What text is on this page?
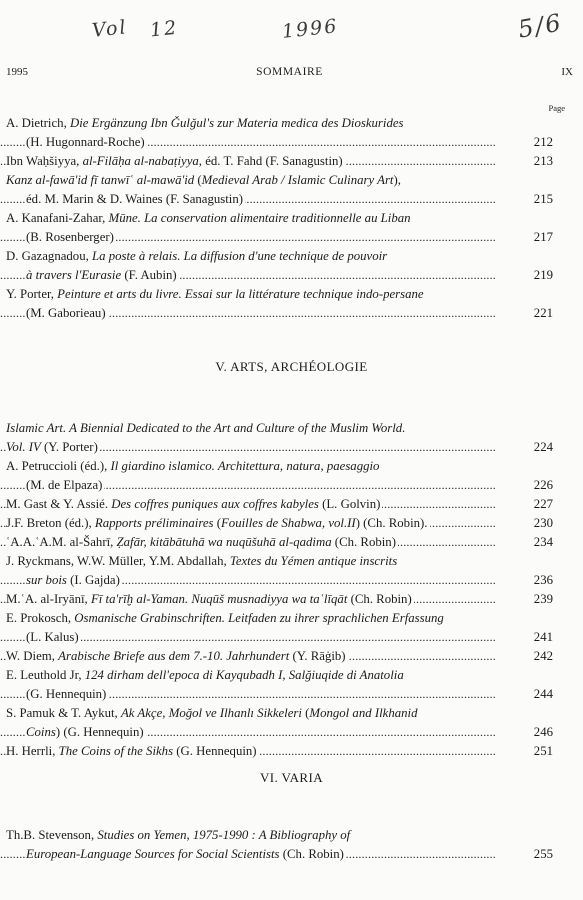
Vol 12	1996	5/6
1995	SOMMAIRE	IX
Page
A. Dietrich, Die Ergänzung Ibn Ǧulǧul's zur Materia medica des Dioskurides
(H. Hugonnard-Roche)	212
. . .
Ibn Waḥšiyya, al-Filāḥa al-nabaṭiyya, éd. T. Fahd (F. Sanagustin)	213
. . .
Kanz al-fawā'id fī tanwīʿ al-mawā'id (Medieval Arab / Islamic Culinary Art),
éd. M. Marin & D. Waines (F. Sanagustin)	215
. . .
A. Kanafani-Zahar, Mūne. La conservation alimentaire traditionnelle au Liban
(B. Rosenberger)	217
. . .
D. Gazagnadou, La poste à relais. La diffusion d'une technique de pouvoir
à travers l'Eurasie (F. Aubin)	219
. . .
Y. Porter, Peinture et arts du livre. Essai sur la littérature technique indo-persane
(M. Gaborieau)	221
. . .
V. ARTS, ARCHÉOLOGIE
Islamic Art. A Biennial Dedicated to the Art and Culture of the Muslim World.
Vol. IV (Y. Porter)	224
. . .
A. Petruccioli (éd.), Il giardino islamico. Architettura, natura, paesaggio
(M. de Elpaza)	226
. . .
M. Gast & Y. Assié. Des coffres puniques aux coffres kabyles (L. Golvin)	227
. . .
J.F. Breton (éd.), Rapports préliminaires (Fouilles de Shabwa, vol.II) (Ch. Robin).	230
. . .
ʿA.A.ʿA.M. al-Šahrī, Ẓafār, kitābātuhā wa nuqūšuhā al-qadima (Ch. Robin)	234
. . .
J. Ryckmans, W.W. Müller, Y.M. Abdallah, Textes du Yémen antique inscrits
sur bois (I. Gajda)	236
. . .
M.ʿA. al-Iryānī, Fī ta'rīḫ al-Yaman. Nuqūš musnadiyya wa taʿlīqāt (Ch. Robin)	239
. . .
E. Prokosch, Osmanische Grabinschriften. Leitfaden zu ihrer sprachlichen Erfassung
(L. Kalus)	241
. . .
W. Diem, Arabische Briefe aus dem 7.-10. Jahrhundert (Y. Rāġib)	242
. . .
E. Leuthold Jr, 124 dirham dell'epoca di Kayqubadh I, Salğiuqide di Anatolia
(G. Hennequin)	244
. . .
S. Pamuk & T. Aykut, Ak Akçe, Moğol ve Ilhanlı Sikkeleri (Mongol and Ilkhanid
Coins) (G. Hennequin)	246
. . .
H. Herrli, The Coins of the Sikhs (G. Hennequin)	251
. . .
VI. VARIA
Th.B. Stevenson, Studies on Yemen, 1975-1990 : A Bibliography of
European-Language Sources for Social Scientists (Ch. Robin)	255
. . .
